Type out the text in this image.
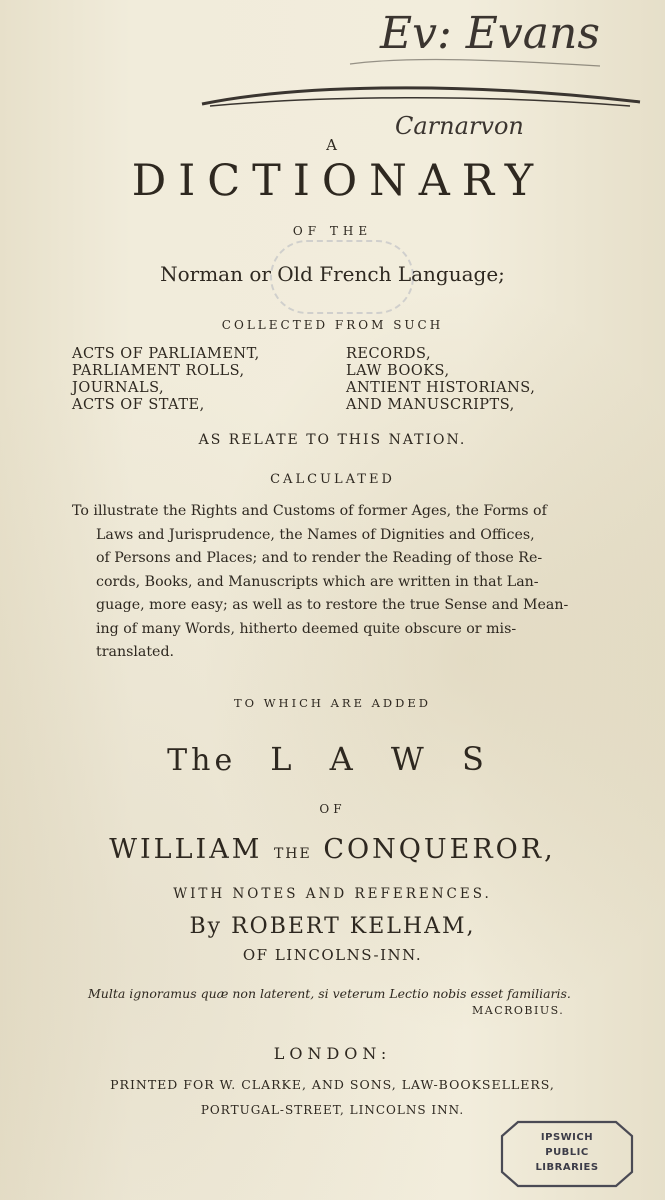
Ev: Evans
Carnarvon
A
DICTIONARY
OF THE
Norman or Old French Language;
COLLECTED FROM SUCH
ACTS OF PARLIAMENT,
PARLIAMENT ROLLS,
JOURNALS,
ACTS OF STATE,
RECORDS,
LAW BOOKS,
ANTIENT HISTORIANS,
AND MANUSCRIPTS,
AS RELATE TO THIS NATION.
CALCULATED
To illustrate the Rights and Customs of former Ages, the Forms of
Laws and Jurisprudence, the Names of Dignities and Offices,
of Persons and Places; and to render the Reading of those Re-
cords, Books, and Manuscripts which are written in that Lan-
guage, more easy; as well as to restore the true Sense and Mean-
ing of many Words, hitherto deemed quite obscure or mis-
translated.
TO WHICH ARE ADDED
The L A W S
OF
WILLIAM THE CONQUEROR,
WITH NOTES AND REFERENCES.
By ROBERT KELHAM,
OF LINCOLNS-INN.
Multa ignoramus quæ non laterent, si veterum Lectio nobis esset familiaris.
MACROBIUS.
LONDON:
PRINTED FOR W. CLARKE, AND SONS, LAW-BOOKSELLERS,
PORTUGAL-STREET, LINCOLNS INN.
IPSWICH
PUBLIC
LIBRARIES
